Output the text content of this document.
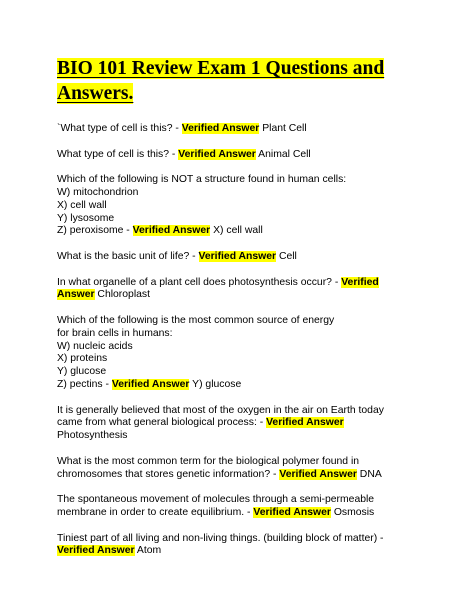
BIO 101 Review Exam 1 Questions and
Answers.
`What type of cell is this? - Verified Answer Plant Cell
What type of cell is this? - Verified Answer Animal Cell
Which of the following is NOT a structure found in human cells:
W) mitochondrion
X) cell wall
Y) lysosome
Z) peroxisome - Verified Answer X) cell wall
What is the basic unit of life? - Verified Answer Cell
In what organelle of a plant cell does photosynthesis occur? - Verified
Answer Chloroplast
Which of the following is the most common source of energy
for brain cells in humans:
W) nucleic acids
X) proteins
Y) glucose
Z) pectins - Verified Answer Y) glucose
It is generally believed that most of the oxygen in the air on Earth today
came from what general biological process: - Verified Answer
Photosynthesis
What is the most common term for the biological polymer found in
chromosomes that stores genetic information? - Verified Answer DNA
The spontaneous movement of molecules through a semi-permeable
membrane in order to create equilibrium. - Verified Answer Osmosis
Tiniest part of all living and non-living things. (building block of matter) -
Verified Answer Atom
